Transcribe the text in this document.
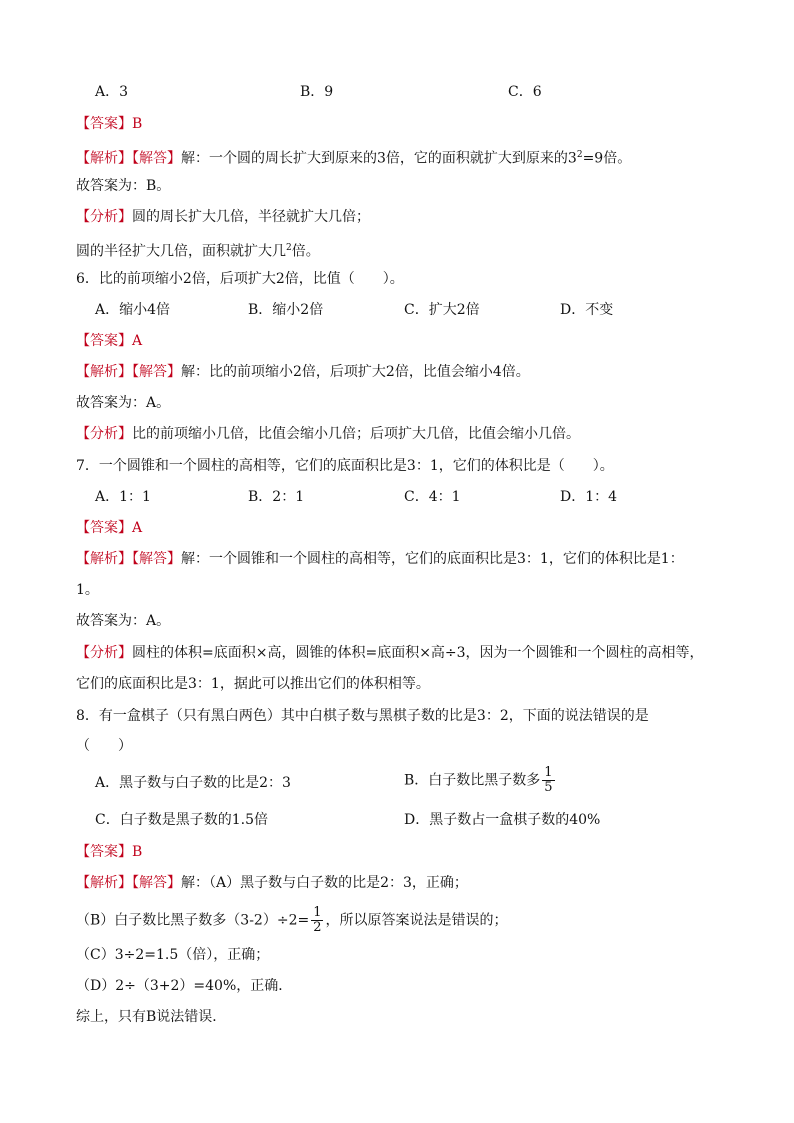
A．3	B．9	C．6
【答案】B
【解析】【解答】解：一个圆的周长扩大到原来的3倍，它的面积就扩大到原来的$3^2=9$倍。
故答案为：B。
【分析】圆的周长扩大几倍，半径就扩大几倍；
圆的半径扩大几倍，面积就扩大几$^2$倍。
6．比的前项缩小2倍，后项扩大2倍，比值（　　）。
A．缩小4倍	B．缩小2倍	C．扩大2倍	D．不变
【答案】A
【解析】【解答】解：比的前项缩小2倍，后项扩大2倍，比值会缩小4倍。
故答案为：A。
【分析】比的前项缩小几倍，比值会缩小几倍；后项扩大几倍，比值会缩小几倍。
7．一个圆锥和一个圆柱的高相等，它们的底面积比是3：1，它们的体积比是（　　）。
A．1：1	B．2：1	C．4：1	D．1：4
【答案】A
【解析】【解答】解：一个圆锥和一个圆柱的高相等，它们的底面积比是3：1，它们的体积比是1：
1。
故答案为：A。
【分析】圆柱的体积=底面积×高，圆锥的体积=底面积×高÷3，因为一个圆锥和一个圆柱的高相等，
它们的底面积比是3：1，据此可以推出它们的体积相等。
8．有一盒棋子（只有黑白两色）其中白棋子数与黑棋子数的比是3：2，下面的说法错误的是
（　　）
A．黑子数与白子数的比是2：3	B．白子数比黑子数多 $\frac{1}{5}$
C．白子数是黑子数的1.5倍	D．黑子数占一盒棋子数的40%
【答案】B
【解析】【解答】解：（A）黑子数与白子数的比是2：3，正确；
（B）白子数比黑子数多$(3-2)\div 2= \frac{1}{2}$ ，所以原答案说法是错误的；
（C）3÷2=1.5（倍），正确；
（D）2÷（3+2）=40%，正确．
综上，只有B说法错误．
